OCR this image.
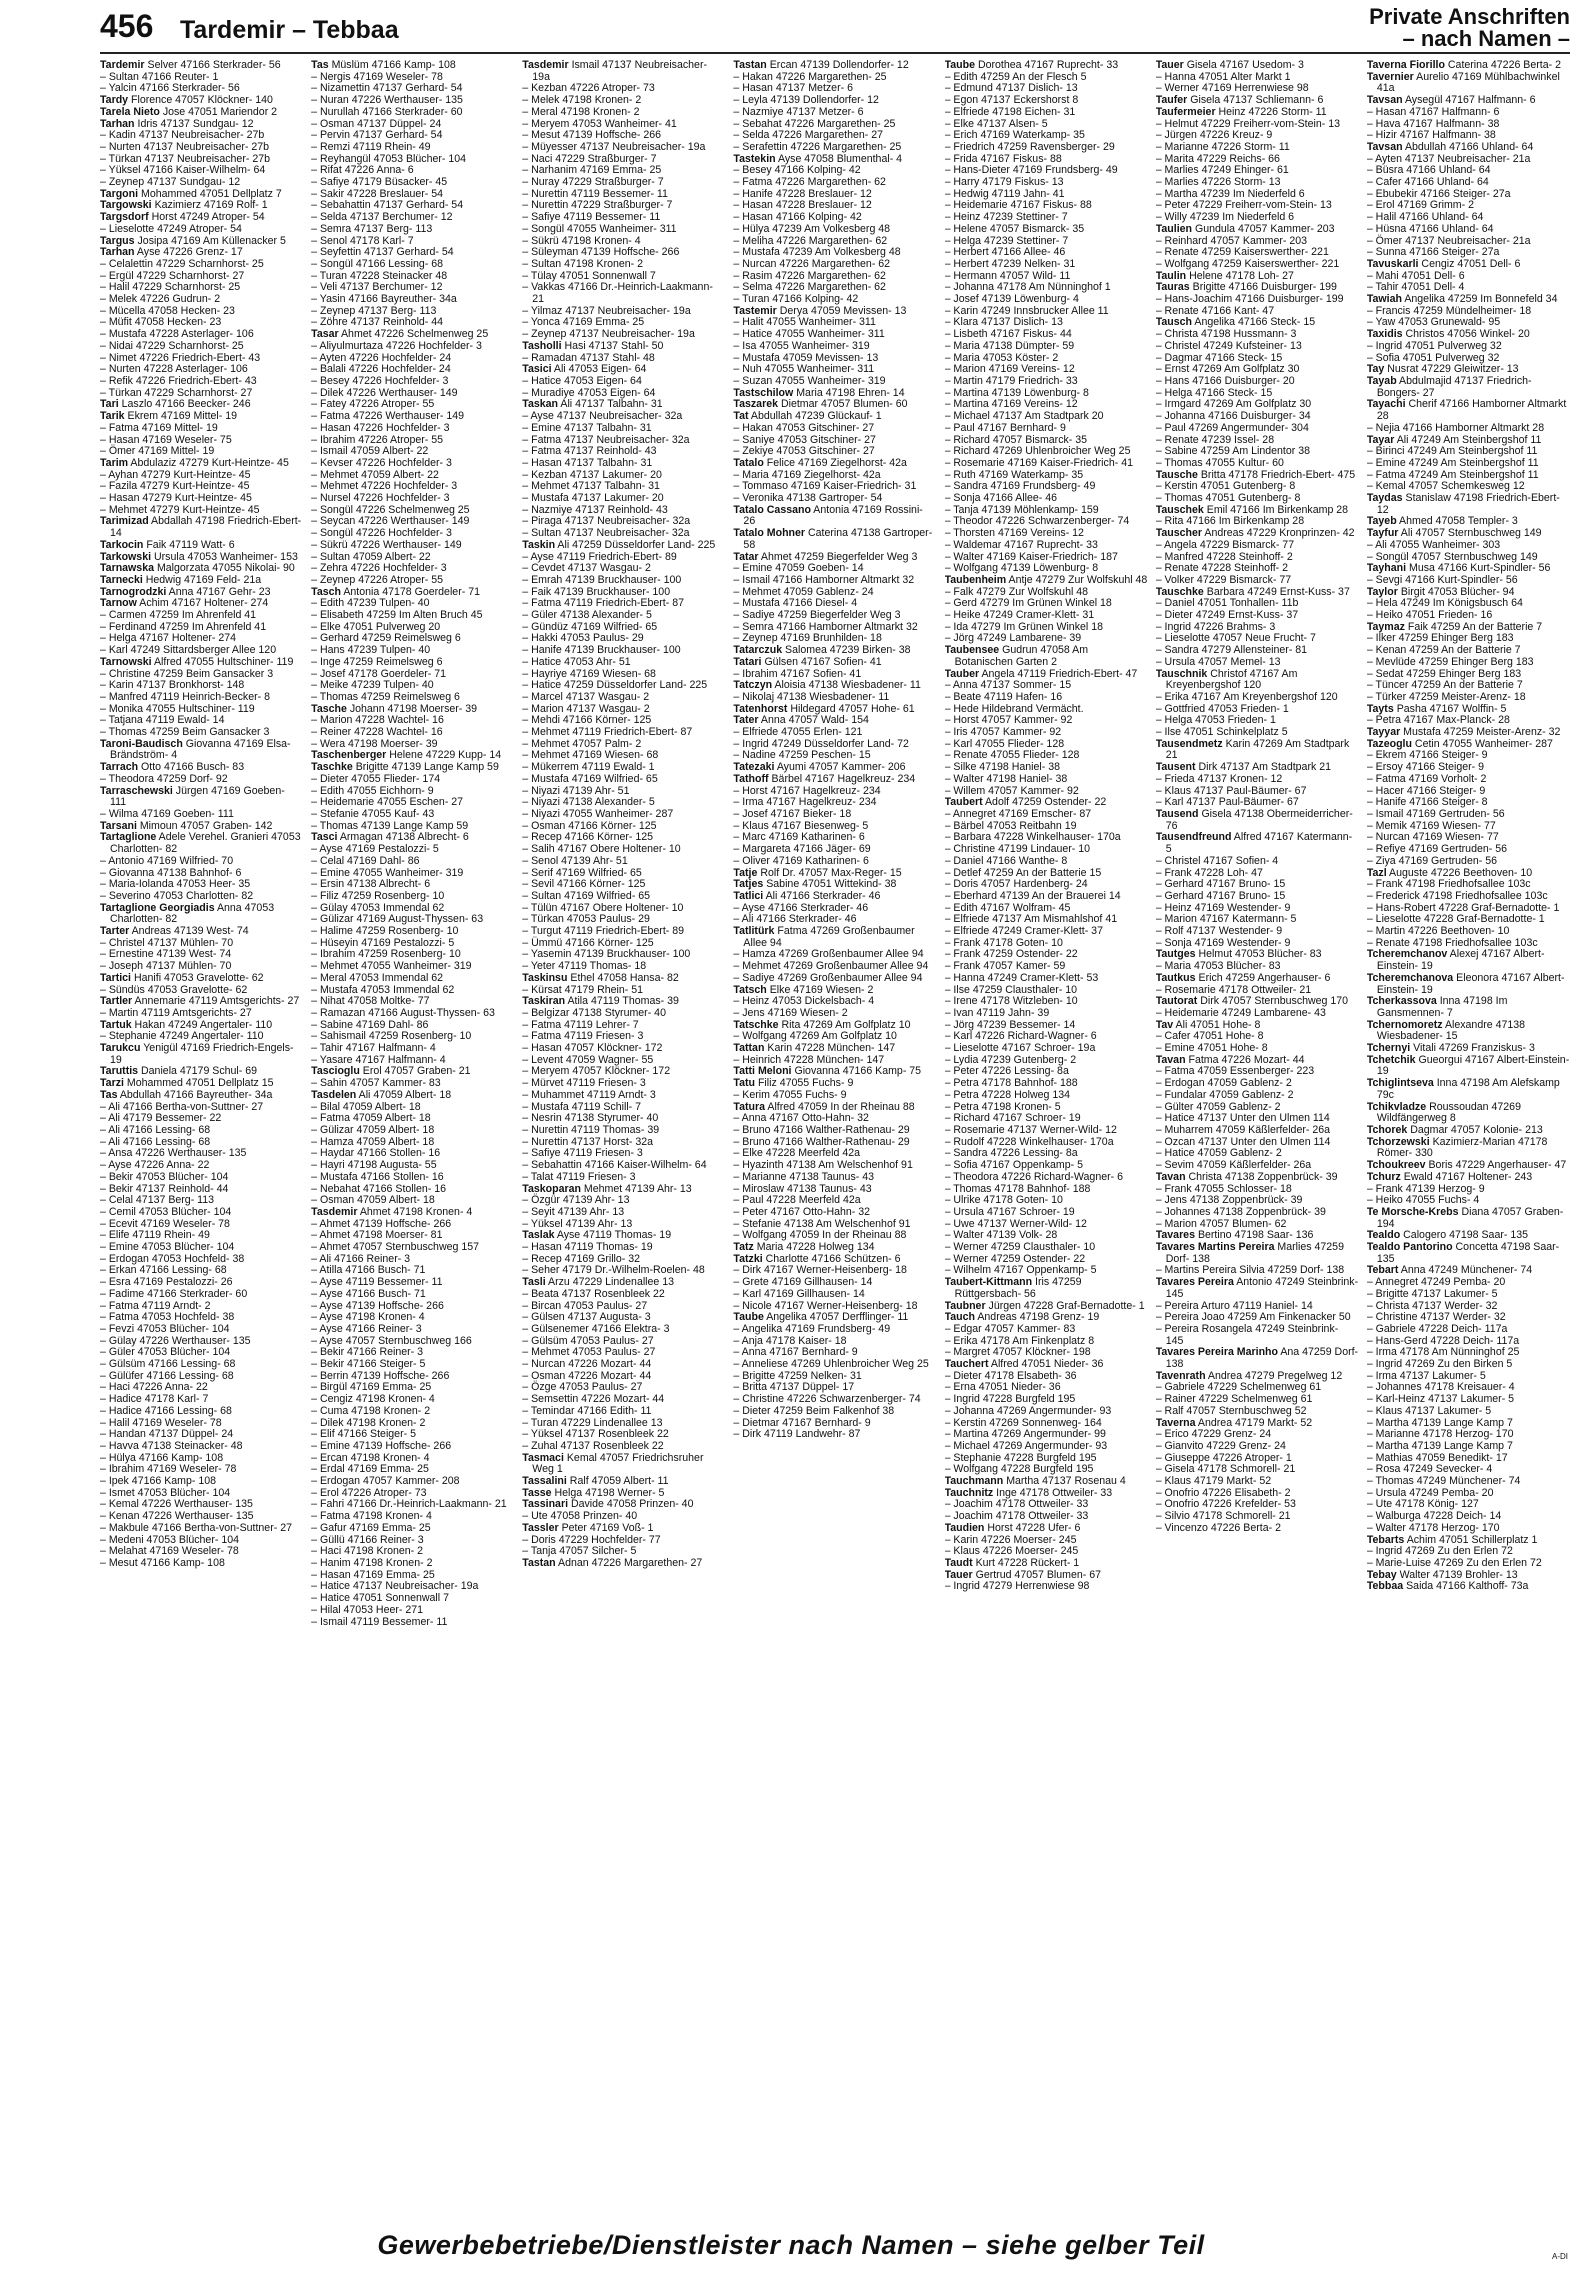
456 Tardemir – Tebbaa	Private Anschriften
– nach Namen –

Tardemir Selver 47166 Sterkrader- 56

– Sultan 47166 Reuter- 1

– Yalcin 47166 Sterkrader- 56

Tardy Florence 47057 Klöckner- 140

Tarela Nieto Jose 47051 Mariendor 2

Tarhan Idris 47137 Sundgau- 12

– Kadin 47137 Neubreisacher- 27b

– Nurten 47137 Neubreisacher- 27b

– Türkan 47137 Neubreisacher- 27b

– Yüksel 47166 Kaiser-Wilhelm- 64

– Zeynep 47137 Sundgau- 12

Targoni Mohammed 47051 Dellplatz 7

Targowski Kazimierz 47169 Rolf- 1

Targsdorf Horst 47249 Atroper- 54

– Lieselotte 47249 Atroper- 54

Targus Josipa 47169 Am Küllenacker 5

Tarhan Ayse 47226 Grenz- 17

– Celalettin 47229 Scharnhorst- 25

– Ergül 47229 Scharnhorst- 27

– Halil 47229 Scharnhorst- 25

– Melek 47226 Gudrun- 2

– Mücella 47058 Hecken- 23

– Müfit 47058 Hecken- 23

– Mustafa 47228 Asterlager- 106

– Nidai 47229 Scharnhorst- 25

– Nimet 47226 Friedrich-Ebert- 43

– Nurten 47228 Asterlager- 106

– Refik 47226 Friedrich-Ebert- 43

– Türkan 47229 Scharnhorst- 27

Tari Laszlo 47166 Beecker- 246

Tarik Ekrem 47169 Mittel- 19

– Fatma 47169 Mittel- 19

– Hasan 47169 Weseler- 75

– Ömer 47169 Mittel- 19

Tarim Abdulaziz 47279 Kurt-Heintze- 45

– Ayhan 47279 Kurt-Heintze- 45

– Fazila 47279 Kurt-Heintze- 45

– Hasan 47279 Kurt-Heintze- 45

– Mehmet 47279 Kurt-Heintze- 45

Tarimizad Abdallah 47198 Friedrich-Ebert- 14

Tarkocin Faik 47119 Watt- 6

Tarkowski Ursula 47053 Wanheimer- 153

Tarnawska Malgorzata 47055 Nikolai- 90

Tarnecki Hedwig 47169 Feld- 21a

Tarnogrodzki Anna 47167 Gehr- 23

Tarnow Achim 47167 Holtener- 274

– Carmen 47259 Im Ahrenfeld 41

– Ferdinand 47259 Im Ahrenfeld 41

– Helga 47167 Holtener- 274

– Karl 47249 Sittardsberger Allee 120

Tarnowski Alfred 47055 Hultschiner- 119

– Christine 47259 Beim Gansacker 3

– Karin 47137 Bronkhorst- 148

– Manfred 47119 Heinrich-Becker- 8

– Monika 47055 Hultschiner- 119

– Tatjana 47119 Ewald- 14

– Thomas 47259 Beim Gansacker 3

Taroni-Baudisch Giovanna 47169 Elsa-Brändström- 4

Tarrach Otto 47166 Busch- 83

– Theodora 47259 Dorf- 92

Tarraschewski Jürgen 47169 Goeben- 111

– Wilma 47169 Goeben- 111

Tarsani Mimoun 47057 Graben- 142

Tartaglione Adele Verehel. Granieri 47053 Charlotten- 82

– Antonio 47169 Wilfried- 70

– Giovanna 47138 Bahnhof- 6

– Maria-Iolanda 47053 Heer- 35

– Severino 47053 Charlotten- 82

Tartaglione Georgiadis Anna 47053 Charlotten- 82

Tarter Andreas 47139 West- 74

– Christel 47137 Mühlen- 70

– Ernestine 47139 West- 74

– Joseph 47137 Mühlen- 70

Tartici Hanifi 47053 Gravelotte- 62

– Sündüs 47053 Gravelotte- 62

Tartler Annemarie 47119 Amtsgerichts- 27

– Martin 47119 Amtsgerichts- 27

Tartuk Hakan 47249 Angertaler- 110

– Stephanie 47249 Angertaler- 110

Tarukcu Yenigül 47169 Friedrich-Engels- 19

Taruttis Daniela 47179 Schul- 69

Tarzi Mohammed 47051 Dellplatz 15

Tas Abdullah 47166 Bayreuther- 34a

– Ali 47166 Bertha-von-Suttner- 27

– Ali 47179 Bessemer- 22

– Ali 47166 Lessing- 68

– Ali 47166 Lessing- 68

– Ansa 47226 Werthauser- 135

– Ayse 47226 Anna- 22

– Bekir 47053 Blücher- 104

– Bekir 47137 Reinhold- 44

– Celal 47137 Berg- 113

– Cemil 47053 Blücher- 104

– Ecevit 47169 Weseler- 78

– Elife 47119 Rhein- 49

– Emine 47053 Blücher- 104

– Erdogan 47053 Hochfeld- 38

– Erkan 47166 Lessing- 68

– Esra 47169 Pestalozzi- 26

– Fadime 47166 Sterkrader- 60

– Fatma 47119 Arndt- 2

– Fatma 47053 Hochfeld- 38

– Fevzi 47053 Blücher- 104

– Gülay 47226 Werthauser- 135

– Güler 47053 Blücher- 104

– Gülsüm 47166 Lessing- 68

– Gülüfer 47166 Lessing- 68

– Haci 47226 Anna- 22

– Hadice 47178 Karl- 7

– Hadice 47166 Lessing- 68

– Halil 47169 Weseler- 78

– Handan 47137 Düppel- 24

– Havva 47138 Steinacker- 48

– Hülya 47166 Kamp- 108

– Ibrahim 47169 Weseler- 78

– Ipek 47166 Kamp- 108

– Ismet 47053 Blücher- 104

– Kemal 47226 Werthauser- 135

– Kenan 47226 Werthauser- 135

– Makbule 47166 Bertha-von-Suttner- 27

– Medeni 47053 Blücher- 104

– Melahat 47169 Weseler- 78

– Mesut 47166 Kamp- 108

Tas Müslüm 47166 Kamp- 108

– Nergis 47169 Weseler- 78

– Nizamettin 47137 Gerhard- 54

– Nuran 47226 Werthauser- 135

– Nurullah 47166 Sterkrader- 60

– Osman 47137 Düppel- 24

– Pervin 47137 Gerhard- 54

– Remzi 47119 Rhein- 49

– Reyhangül 47053 Blücher- 104

– Rifat 47226 Anna- 6

– Safiye 47179 Büsacker- 45

– Sakir 47228 Breslauer- 54

– Sebahattin 47137 Gerhard- 54

– Selda 47137 Berchumer- 12

– Semra 47137 Berg- 113

– Senol 47178 Karl- 7

– Seyfettin 47137 Gerhard- 54

– Songül 47166 Lessing- 68

– Turan 47228 Steinacker 48

– Veli 47137 Berchumer- 12

– Yasin 47166 Bayreuther- 34a

– Zeynep 47137 Berg- 113

– Zöhre 47137 Reinhold- 44

Tasar Ahmet 47226 Schelmenweg 25

– Aliyulmurtaza 47226 Hochfelder- 3

– Ayten 47226 Hochfelder- 24

– Balali 47226 Hochfelder- 24

– Besey 47226 Hochfelder- 3

– Dilek 47226 Werthauser- 149

– Fatey 47226 Atroper- 55

– Fatma 47226 Werthauser- 149

– Hasan 47226 Hochfelder- 3

– Ibrahim 47226 Atroper- 55

– Ismail 47059 Albert- 22

– Kevser 47226 Hochfelder- 3

– Mehmet 47059 Albert- 22

– Mehmet 47226 Hochfelder- 3

– Nursel 47226 Hochfelder- 3

– Songül 47226 Schelmenweg 25

– Seycan 47226 Werthauser- 149

– Songül 47226 Hochfelder- 3

– Sükrü 47226 Werthauser- 149

– Sultan 47059 Albert- 22

– Zehra 47226 Hochfelder- 3

– Zeynep 47226 Atroper- 55

Tasch Antonia 47178 Goerdeler- 71

– Edith 47239 Tulpen- 40

– Elisabeth 47259 Im Alten Bruch 45

– Elke 47051 Pulverweg 20

– Gerhard 47259 Reimelsweg 6

– Hans 47239 Tulpen- 40

– Inge 47259 Reimelsweg 6

– Josef 47178 Goerdeler- 71

– Meike 47239 Tulpen- 40

– Thomas 47259 Reimelsweg 6

Tasche Johann 47198 Moerser- 39

– Marion 47228 Wachtel- 16

– Reiner 47228 Wachtel- 16

– Wera 47198 Moerser- 39

Taschenberger Helene 47229 Kupp- 14

Taschke Brigitte 47139 Lange Kamp 59

– Dieter 47055 Flieder- 174

– Edith 47055 Eichhorn- 9

– Heidemarie 47055 Eschen- 27

– Stefanie 47055 Kauf- 43

– Thomas 47139 Lange Kamp 59

Tasci Armagan 47138 Albrecht- 6

– Ayse 47169 Pestalozzi- 5

– Celal 47169 Dahl- 86

– Emine 47055 Wanheimer- 319

– Ersin 47138 Albrecht- 6

– Filiz 47259 Rosenberg- 10

– Gülay 47053 Immendal 62

– Gülizar 47169 August-Thyssen- 63

– Halime 47259 Rosenberg- 10

– Hüseyin 47169 Pestalozzi- 5

– Ibrahim 47259 Rosenberg- 10

– Mehmet 47055 Wanheimer- 319

– Meral 47053 Immendal 62

– Mustafa 47053 Immendal 62

– Nihat 47058 Moltke- 77

– Ramazan 47166 August-Thyssen- 63

– Sabine 47169 Dahl- 86

– Sahismail 47259 Rosenberg- 10

– Tahir 47167 Halfmann- 4

– Yasare 47167 Halfmann- 4

Tascioglu Erol 47057 Graben- 21

– Sahin 47057 Kammer- 83

Tasdelen Ali 47059 Albert- 18

– Bilal 47059 Albert- 18

– Fatma 47059 Albert- 18

– Gülizar 47059 Albert- 18

– Hamza 47059 Albert- 18

– Haydar 47166 Stollen- 16

– Hayri 47198 Augusta- 55

– Mustafa 47166 Stollen- 16

– Nebahat 47166 Stollen- 16

– Osman 47059 Albert- 18

Tasdemir Ahmet 47198 Kronen- 4

– Ahmet 47139 Hoffsche- 266

– Ahmet 47198 Moerser- 81

– Ahmet 47057 Sternbuschweg 157

– Ali 47166 Reiner- 3

– Atilla 47166 Busch- 71

– Ayse 47119 Bessemer- 11

– Ayse 47166 Busch- 71

– Ayse 47139 Hoffsche- 266

– Ayse 47198 Kronen- 4

– Ayse 47166 Reiner- 3

– Ayse 47057 Sternbuschweg 166

– Bekir 47166 Reiner- 3

– Bekir 47166 Steiger- 5

– Berrin 47139 Hoffsche- 266

– Birgül 47169 Emma- 25

– Cengiz 47198 Kronen- 4

– Cuma 47198 Kronen- 2

– Dilek 47198 Kronen- 2

– Elif 47166 Steiger- 5

– Emine 47139 Hoffsche- 266

– Ercan 47198 Kronen- 4

– Erdal 47169 Emma- 25

– Erdogan 47057 Kammer- 208

– Erol 47226 Atroper- 73

– Fahri 47166 Dr.-Heinrich-Laakmann- 21

– Fatma 47198 Kronen- 4

– Gafur 47169 Emma- 25

– Güllü 47166 Reiner- 3

– Haci 47198 Kronen- 2

– Hanim 47198 Kronen- 2

– Hasan 47169 Emma- 25

– Hatice 47137 Neubreisacher- 19a

– Hatice 47051 Sonnenwall 7

– Hilal 47053 Heer- 271

– Ismail 47119 Bessemer- 11

Tasdemir Ismail 47137 Neubreisacher- 19a

– Kezban 47226 Atroper- 73

– Melek 47198 Kronen- 2

– Meral 47198 Kronen- 2

– Meryem 47053 Wanheimer- 41

– Mesut 47139 Hoffsche- 266

– Müyesser 47137 Neubreisacher- 19a

– Naci 47229 Straßburger- 7

– Narhanim 47169 Emma- 25

– Nuray 47229 Straßburger- 7

– Nurettin 47119 Bessemer- 11

– Nurettin 47229 Straßburger- 7

– Safiye 47119 Bessemer- 11

– Songül 47055 Wanheimer- 311

– Sükrü 47198 Kronen- 4

– Süleyman 47139 Hoffsche- 266

– Sultan 47198 Kronen- 2

– Tülay 47051 Sonnenwall 7

– Vakkas 47166 Dr.-Heinrich-Laakmann- 21

– Yilmaz 47137 Neubreisacher- 19a

– Yonca 47169 Emma- 25

– Zeynep 47137 Neubreisacher- 19a

Tasholli Hasi 47137 Stahl- 50

– Ramadan 47137 Stahl- 48

Tasici Ali 47053 Eigen- 64

– Hatice 47053 Eigen- 64

– Muradiye 47053 Eigen- 64

Taskan Ali 47137 Talbahn- 31

– Ayse 47137 Neubreisacher- 32a

– Emine 47137 Talbahn- 31

– Fatma 47137 Neubreisacher- 32a

– Fatma 47137 Reinhold- 43

– Hasan 47137 Talbahn- 31

– Kezban 47137 Lakumer- 20

– Mehmet 47137 Talbahn- 31

– Mustafa 47137 Lakumer- 20

– Nazmiye 47137 Reinhold- 43

– Piraga 47137 Neubreisacher- 32a

– Sultan 47137 Neubreisacher- 32a

Taskin Ali 47259 Düsseldorfer Land- 225

– Ayse 47119 Friedrich-Ebert- 89

– Cevdet 47137 Wasgau- 2

– Emrah 47139 Bruckhauser- 100

– Faik 47139 Bruckhauser- 100

– Fatma 47119 Friedrich-Ebert- 87

– Güler 47138 Alexander- 5

– Gündüz 47169 Wilfried- 65

– Hakki 47053 Paulus- 29

– Hanife 47139 Bruckhauser- 100

– Hatice 47053 Ahr- 51

– Hayriye 47169 Wiesen- 68

– Hatice 47259 Düsseldorfer Land- 225

– Marcel 47137 Wasgau- 2

– Marion 47137 Wasgau- 2

– Mehdi 47166 Körner- 125

– Mehmet 47119 Friedrich-Ebert- 87

– Mehmet 47057 Palm- 2

– Mehmet 47169 Wiesen- 68

– Mükerrem 47119 Ewald- 1

– Mustafa 47169 Wilfried- 65

– Niyazi 47139 Ahr- 51

– Niyazi 47138 Alexander- 5

– Niyazi 47055 Wanheimer- 287

– Osman 47166 Körner- 125

– Recep 47166 Körner- 125

– Salih 47167 Obere Holtener- 10

– Senol 47139 Ahr- 51

– Serif 47169 Wilfried- 65

– Sevil 47166 Körner- 125

– Sultan 47169 Wilfried- 65

– Tülün 47167 Obere Holtener- 10

– Türkan 47053 Paulus- 29

– Turgut 47119 Friedrich-Ebert- 89

– Ümmü 47166 Körner- 125

– Yasemin 47139 Bruckhauser- 100

– Yeter 47119 Thomas- 18

Taskinsu Ethel 47058 Hansa- 82

– Kürsat 47179 Rhein- 51

Taskiran Atila 47119 Thomas- 39

– Belgizar 47138 Styrumer- 40

– Fatma 47119 Lehrer- 7

– Fatma 47119 Friesen- 3

– Hasan 47057 Klöckner- 172

– Levent 47059 Wagner- 55

– Meryem 47057 Klöckner- 172

– Mürvet 47119 Friesen- 3

– Muhammet 47119 Arndt- 3

– Mustafa 47119 Schill- 7

– Nesrin 47138 Styrumer- 40

– Nurettin 47119 Thomas- 39

– Nurettin 47137 Horst- 32a

– Safiye 47119 Friesen- 3

– Sebahattin 47166 Kaiser-Wilhelm- 64

– Talat 47119 Friesen- 3

Taskoparan Mehmet 47139 Ahr- 13

– Özgür 47139 Ahr- 13

– Seyit 47139 Ahr- 13

– Yüksel 47139 Ahr- 13

Taslak Ayse 47119 Thomas- 19

– Hasan 47119 Thomas- 19

– Recep 47169 Grillo- 32

– Seher 47179 Dr.-Wilhelm-Roelen- 48

Tasli Arzu 47229 Lindenallee 13

– Beata 47137 Rosenbleek 22

– Bircan 47053 Paulus- 27

– Gülsen 47137 Augusta- 3

– Gülsenemer 47166 Elektra- 3

– Gülsüm 47053 Paulus- 27

– Mehmet 47053 Paulus- 27

– Nurcan 47226 Mozart- 44

– Osman 47226 Mozart- 44

– Özge 47053 Paulus- 27

– Semsettin 47226 Mozart- 44

– Temindar 47166 Edith- 11

– Turan 47229 Lindenallee 13

– Yüksel 47137 Rosenbleek 22

– Zuhal 47137 Rosenbleek 22

Tasmaci Kemal 47057 Friedrichsruher Weg 1

Tassalini Ralf 47059 Albert- 11

Tasse Helga 47198 Werner- 5

Tassinari Davide 47058 Prinzen- 40

– Ute 47058 Prinzen- 40

Tassler Peter 47169 Voß- 1

– Doris 47229 Hochfelder- 77

– Tanja 47057 Silcher- 5

Tastan Adnan 47226 Margarethen- 27

Tastan Ercan 47139 Dollendorfer- 12

– Hakan 47226 Margarethen- 25

– Hasan 47137 Metzer- 6

– Leyla 47139 Dollendorfer- 12

– Nazmiye 47137 Metzer- 6

– Sebahat 47226 Margarethen- 25

– Selda 47226 Margarethen- 27

– Serafettin 47226 Margarethen- 25

Tastekin Ayse 47058 Blumenthal- 4

– Besey 47166 Kolping- 42

– Fatma 47226 Margarethen- 62

– Hanife 47228 Breslauer- 12

– Hasan 47228 Breslauer- 12

– Hasan 47166 Kolping- 42

– Hülya 47239 Am Volkesberg 48

– Meliha 47226 Margarethen- 62

– Mustafa 47239 Am Volkesberg 48

– Nurcan 47226 Margarethen- 62

– Rasim 47226 Margarethen- 62

– Selma 47226 Margarethen- 62

– Turan 47166 Kolping- 42

Tastemir Derya 47059 Mevissen- 13

– Halit 47055 Wanheimer- 311

– Hatice 47055 Wanheimer- 311

– Isa 47055 Wanheimer- 319

– Mustafa 47059 Mevissen- 13

– Nuh 47055 Wanheimer- 311

– Suzan 47055 Wanheimer- 319

Tastschilow Maria 47198 Ehren- 14

Taszarek Dietmar 47057 Blumen- 60

Tat Abdullah 47239 Glückauf- 1

– Hakan 47053 Gitschiner- 27

– Saniye 47053 Gitschiner- 27

– Zekiye 47053 Gitschiner- 27

Tatalo Felice 47169 Ziegelhorst- 42a

– Maria 47169 Ziegelhorst- 42a

– Tommaso 47169 Kaiser-Friedrich- 31

– Veronika 47138 Gartroper- 54

Tatalo Cassano Antonia 47169 Rossini- 26

Tatalo Mohner Caterina 47138 Gartroper- 58

Tatar Ahmet 47259 Biegerfelder Weg 3

– Emine 47059 Goeben- 14

– Ismail 47166 Hamborner Altmarkt 32

– Mehmet 47059 Gablenz- 24

– Mustafa 47166 Diesel- 4

– Sadiye 47259 Biegerfelder Weg 3

– Semra 47166 Hamborner Altmarkt 32

– Zeynep 47169 Brunhilden- 18

Tatarczuk Salomea 47239 Birken- 38

Tatari Gülsen 47167 Sofien- 41

– Ibrahim 47167 Sofien- 41

Tatczyn Aloisia 47138 Wiesbadener- 11

– Nikolaj 47138 Wiesbadener- 11

Tatenhorst Hildegard 47057 Hohe- 61

Tater Anna 47057 Wald- 154

– Elfriede 47055 Erlen- 121

– Ingrid 47249 Düsseldorfer Land- 72

– Nadine 47259 Peschen- 15

Tatezaki Ayumi 47057 Kammer- 206

Tathoff Bärbel 47167 Hagelkreuz- 234

– Horst 47167 Hagelkreuz- 234

– Irma 47167 Hagelkreuz- 234

– Josef 47167 Bieker- 18

– Klaus 47167 Biesenweg- 5

– Marc 47169 Katharinen- 6

– Margareta 47166 Jäger- 69

– Oliver 47169 Katharinen- 6

Tatje Rolf Dr. 47057 Max-Reger- 15

Tatjes Sabine 47051 Wittekind- 38

Tatlici Ali 47166 Sterkrader- 46

– Ayse 47166 Sterkrader- 46

– Ali 47166 Sterkrader- 46

Tatlitürk Fatma 47269 Großenbaumer Allee 94

– Hamza 47269 Großenbaumer Allee 94

– Mehmet 47269 Großenbaumer Allee 94

– Sadiye 47269 Großenbaumer Allee 94

Tatsch Elke 47169 Wiesen- 2

– Heinz 47053 Dickelsbach- 4

– Jens 47169 Wiesen- 2

Tatschke Rita 47269 Am Golfplatz 10

– Wolfgang 47269 Am Golfplatz 10

Tattan Karin 47228 München- 147

– Heinrich 47228 München- 147

Tatti Meloni Giovanna 47166 Kamp- 75

Tatu Filiz 47055 Fuchs- 9

– Kerim 47055 Fuchs- 9

Tatura Alfred 47059 In der Rheinau 88

– Anna 47167 Otto-Hahn- 32

– Bruno 47166 Walther-Rathenau- 29

– Bruno 47166 Walther-Rathenau- 29

– Elke 47228 Meerfeld 42a

– Hyazinth 47138 Am Welschenhof 91

– Marianne 47138 Taunus- 43

– Miroslaw 47138 Taunus- 43

– Paul 47228 Meerfeld 42a

– Peter 47167 Otto-Hahn- 32

– Stefanie 47138 Am Welschenhof 91

– Wolfgang 47059 In der Rheinau 88

Tatz Maria 47228 Holweg 134

Tatzki Charlotte 47166 Schützen- 6

– Dirk 47167 Werner-Heisenberg- 18

– Grete 47169 Gillhausen- 14

– Karl 47169 Gillhausen- 14

– Nicole 47167 Werner-Heisenberg- 18

Taube Angelika 47057 Derfflinger- 11

– Angelika 47169 Frundsberg- 49

– Anja 47178 Kaiser- 18

– Anna 47167 Bernhard- 9

– Anneliese 47269 Uhlenbroicher Weg 25

– Brigitte 47259 Nelken- 31

– Britta 47137 Düppel- 17

– Christine 47226 Schwarzenberger- 74

– Dieter 47259 Beim Falkenhof 38

– Dietmar 47167 Bernhard- 9

– Dirk 47119 Landwehr- 87

Taube Dorothea 47167 Ruprecht- 33

– Edith 47259 An der Flesch 5

– Edmund 47137 Dislich- 13

– Egon 47137 Eckershorst 8

– Elfriede 47198 Eichen- 31

– Elke 47137 Alsen- 5

– Erich 47169 Waterkamp- 35

– Friedrich 47259 Ravensberger- 29

– Frida 47167 Fiskus- 88

– Hans-Dieter 47169 Frundsberg- 49

– Harry 47179 Fiskus- 13

– Hedwig 47119 Jahn- 41

– Heidemarie 47167 Fiskus- 88

– Heinz 47239 Stettiner- 7

– Helene 47057 Bismarck- 35

– Helga 47239 Stettiner- 7

– Herbert 47166 Allee- 46

– Herbert 47239 Nelken- 31

– Hermann 47057 Wild- 11

– Johanna 47178 Am Nünninghof 1

– Josef 47139 Löwenburg- 4

– Karin 47249 Innsbrucker Allee 11

– Klara 47137 Dislich- 13

– Lisbeth 47167 Fiskus- 44

– Maria 47138 Dümpter- 59

– Maria 47053 Köster- 2

– Marion 47169 Vereins- 12

– Martin 47179 Friedrich- 33

– Martina 47139 Löwenburg- 8

– Martina 47169 Vereins- 12

– Michael 47137 Am Stadtpark 20

– Paul 47167 Bernhard- 9

– Richard 47057 Bismarck- 35

– Richard 47269 Uhlenbroicher Weg 25

– Rosemarie 47169 Kaiser-Friedrich- 41

– Ruth 47169 Waterkamp- 35

– Sandra 47169 Frundsberg- 49

– Sonja 47166 Allee- 46

– Tanja 47139 Möhlenkamp- 159

– Theodor 47226 Schwarzenberger- 74

– Thorsten 47169 Vereins- 12

– Waldemar 47167 Ruprecht- 33

– Walter 47169 Kaiser-Friedrich- 187

– Wolfgang 47139 Löwenburg- 8

Taubenheim Antje 47279 Zur Wolfskuhl 48

– Falk 47279 Zur Wolfskuhl 48

– Gerd 47279 Im Grünen Winkel 18

– Heike 47249 Cramer-Klett- 31

– Ida 47279 Im Grünen Winkel 18

– Jörg 47249 Lambarene- 39

Taubensee Gudrun 47058 Am Botanischen Garten 2

Tauber Angela 47119 Friedrich-Ebert- 47

– Anna 47137 Sommer- 15

– Beate 47119 Hafen- 16

– Hede Hildebrand Vermächt.

– Horst 47057 Kammer- 92

– Iris 47057 Kammer- 92

– Karl 47055 Flieder- 128

– Renate 47055 Flieder- 128

– Silke 47198 Haniel- 38

– Walter 47198 Haniel- 38

– Willem 47057 Kammer- 92

Taubert Adolf 47259 Ostender- 22

– Annegret 47169 Emscher- 87

– Bärbel 47053 Reitbahn 19

– Barbara 47228 Winkelhauser- 170a

– Christine 47199 Lindauer- 10

– Daniel 47166 Wanthe- 8

– Detlef 47259 An der Batterie 15

– Doris 47057 Hardenberg- 24

– Eberhard 47139 An der Brauerei 14

– Edith 47167 Wolfram- 45

– Elfriede 47137 Am Mismahlshof 41

– Elfriede 47249 Cramer-Klett- 37

– Frank 47178 Goten- 10

– Frank 47259 Ostender- 22

– Frank 47057 Kamer- 59

– Hanna 47249 Cramer-Klett- 53

– Ilse 47259 Clausthaler- 10

– Irene 47178 Witzleben- 10

– Ivan 47119 Jahn- 39

– Jörg 47239 Bessemer- 14

– Karl 47226 Richard-Wagner- 6

– Lieselotte 47167 Schroer- 19a

– Lydia 47239 Gutenberg- 2

– Peter 47226 Lessing- 8a

– Petra 47178 Bahnhof- 188

– Petra 47228 Holweg 134

– Petra 47198 Kronen- 5

– Richard 47167 Schroer- 19

– Rosemarie 47137 Werner-Wild- 12

– Rudolf 47228 Winkelhauser- 170a

– Sandra 47226 Lessing- 8a

– Sofia 47167 Oppenkamp- 5

– Theodora 47226 Richard-Wagner- 6

– Thomas 47178 Bahnhof- 188

– Ulrike 47178 Goten- 10

– Ursula 47167 Schroer- 19

– Uwe 47137 Werner-Wild- 12

– Walter 47139 Volk- 28

– Werner 47259 Clausthaler- 10

– Werner 47259 Ostender- 22

– Wilhelm 47167 Oppenkamp- 5

Taubert-Kittmann Iris 47259 Rüttgersbach- 56

Taubner Jürgen 47228 Graf-Bernadotte- 1

Tauch Andreas 47198 Grenz- 19

– Edgar 47057 Kammer- 83

– Erika 47178 Am Finkenplatz 8

– Margret 47057 Klöckner- 198

Tauchert Alfred 47051 Nieder- 36

– Dieter 47178 Elsabeth- 36

– Erna 47051 Nieder- 36

– Ingrid 47228 Burgfeld 195

– Johanna 47269 Angermunder- 93

– Kerstin 47269 Sonnenweg- 164

– Martina 47269 Angermunder- 99

– Michael 47269 Angermunder- 93

– Stephanie 47228 Burgfeld 195

– Wolfgang 47228 Burgfeld 195

Tauchmann Martha 47137 Rosenau 4

Tauchnitz Inge 47178 Ottweiler- 33

– Joachim 47178 Ottweiler- 33

– Joachim 47178 Ottweiler- 33

Taudien Horst 47228 Ufer- 6

– Karin 47226 Moerser- 245

– Klaus 47226 Moerser- 245

Taudt Kurt 47228 Rückert- 1

Tauer Gertrud 47057 Blumen- 67

– Ingrid 47279 Herrenwiese 98

Tauer Gisela 47167 Usedom- 3

– Hanna 47051 Alter Markt 1

– Werner 47169 Herrenwiese 98

Taufer Gisela 47137 Schliemann- 6

Taufermeier Heinz 47226 Storm- 11

– Helmut 47229 Freiherr-vom-Stein- 13

– Jürgen 47226 Kreuz- 9

– Marianne 47226 Storm- 11

– Marita 47229 Reichs- 66

– Marlies 47249 Ehinger- 61

– Marlies 47226 Storm- 13

– Martha 47239 Im Niederfeld 6

– Peter 47229 Freiherr-vom-Stein- 13

– Willy 47239 Im Niederfeld 6

Taulien Gundula 47057 Kammer- 203

– Reinhard 47057 Kammer- 203

– Renate 47259 Kaiserswerther- 221

– Wolfgang 47259 Kaiserswerther- 221

Taulin Helene 47178 Loh- 27

Tauras Brigitte 47166 Duisburger- 199

– Hans-Joachim 47166 Duisburger- 199

– Renate 47166 Kant- 47

Tausch Angelika 47166 Steck- 15

– Christa 47198 Hussmann- 3

– Christel 47249 Kufsteiner- 13

– Dagmar 47166 Steck- 15

– Ernst 47269 Am Golfplatz 30

– Hans 47166 Duisburger- 20

– Helga 47166 Steck- 15

– Irmgard 47269 Am Golfplatz 30

– Johanna 47166 Duisburger- 34

– Paul 47269 Angermunder- 304

– Renate 47239 Issel- 28

– Sabine 47259 Am Lindentor 38

– Thomas 47055 Kultur- 60

Tausche Britta 47178 Friedrich-Ebert- 475

– Kerstin 47051 Gutenberg- 8

– Thomas 47051 Gutenberg- 8

Tauschek Emil 47166 Im Birkenkamp 28

– Rita 47166 Im Birkenkamp 28

Tauscher Andreas 47229 Kronprinzen- 42

– Angela 47229 Bismarck- 77

– Manfred 47228 Steinhoff- 2

– Renate 47228 Steinhoff- 2

– Volker 47229 Bismarck- 77

Tauschke Barbara 47249 Ernst-Kuss- 37

– Daniel 47051 Tonhallen- 11b

– Dieter 47249 Ernst-Kuss- 37

– Ingrid 47226 Brahms- 3

– Lieselotte 47057 Neue Frucht- 7

– Sandra 47279 Allensteiner- 81

– Ursula 47057 Memel- 13

Tauschnik Christof 47167 Am Kreyenbergshof 120

– Erika 47167 Am Kreyenbergshof 120

– Gottfried 47053 Frieden- 1

– Helga 47053 Frieden- 1

– Ilse 47051 Schinkelplatz 5

Tausendmetz Karin 47269 Am Stadtpark 21

Tausent Dirk 47137 Am Stadtpark 21

– Frieda 47137 Kronen- 12

– Klaus 47137 Paul-Bäumer- 67

– Karl 47137 Paul-Bäumer- 67

Tausend Gisela 47138 Obermeiderricher- 76

Tausendfreund Alfred 47167 Katermann- 5

– Christel 47167 Sofien- 4

– Frank 47228 Loh- 47

– Gerhard 47167 Bruno- 15

– Gerhard 47167 Bruno- 15

– Heinz 47169 Westender- 9

– Marion 47167 Katermann- 5

– Rolf 47137 Westender- 9

– Sonja 47169 Westender- 9

Tautges Helmut 47053 Blücher- 83

– Maria 47053 Blücher- 83

Tautkus Erich 47259 Angerhauser- 6

– Rosemarie 47178 Ottweiler- 21

Tautorat Dirk 47057 Sternbuschweg 170

– Heidemarie 47249 Lambarene- 43

Tav Ali 47051 Hohe- 8

– Cafer 47051 Hohe- 8

– Emine 47051 Hohe- 8

Tavan Fatma 47226 Mozart- 44

– Fatma 47059 Essenberger- 223

– Erdogan 47059 Gablenz- 2

– Fundalar 47059 Gablenz- 2

– Gülter 47059 Gablenz- 2

– Hatice 47137 Unter den Ulmen 114

– Muharrem 47059 Käßlerfelder- 26a

– Ozcan 47137 Unter den Ulmen 114

– Hatice 47059 Gablenz- 2

– Sevim 47059 Käßlerfelder- 26a

Tavan Christa 47138 Zoppenbrück- 39

– Frank 47055 Schlosser- 18

– Jens 47138 Zoppenbrück- 39

– Johannes 47138 Zoppenbrück- 39

– Marion 47057 Blumen- 62

Tavares Bertino 47198 Saar- 136

Tavares Martins Pereira Marlies 47259 Dorf- 138

– Martins Pereira Silvia 47259 Dorf- 138

Tavares Pereira Antonio 47249 Steinbrink- 145

– Pereira Arturo 47119 Haniel- 14

– Pereira Joao 47259 Am Finkenacker 50

– Pereira Rosangela 47249 Steinbrink- 145

Tavares Pereira Marinho Ana 47259 Dorf- 138

Tavenrath Andrea 47279 Pregelweg 12

– Gabriele 47229 Schelmenweg 61

– Rainer 47229 Schelmenweg 61

– Ralf 47057 Sternbuschweg 52

Taverna Andrea 47179 Markt- 52

– Erico 47229 Grenz- 24

– Gianvito 47229 Grenz- 24

– Giuseppe 47226 Atroper- 1

– Gisela 47178 Schmorell- 21

– Klaus 47179 Markt- 52

– Onofrio 47226 Elisabeth- 2

– Onofrio 47226 Krefelder- 53

– Silvio 47178 Schmorell- 21

– Vincenzo 47226 Berta- 2

Taverna Fiorillo Caterina 47226 Berta- 2

Tavernier Aurelio 47169 Mühlbachwinkel 41a

Tavsan Aysegül 47167 Halfmann- 6

– Hasan 47167 Halfmann- 6

– Hava 47167 Halfmann- 38

– Hizir 47167 Halfmann- 38

Tavsan Abdullah 47166 Uhland- 64

– Ayten 47137 Neubreisacher- 21a

– Büsra 47166 Uhland- 64

– Cafer 47166 Uhland- 64

– Ebubekir 47166 Steiger- 27a

– Erol 47169 Grimm- 2

– Halil 47166 Uhland- 64

– Hüsna 47166 Uhland- 64

– Ömer 47137 Neubreisacher- 21a

– Sunna 47166 Steiger- 27a

Tavuskarli Cengiz 47051 Dell- 6

– Mahi 47051 Dell- 6

– Tahir 47051 Dell- 4

Tawiah Angelika 47259 Im Bonnefeld 34

– Francis 47259 Mündelheimer- 18

– Yaw 47053 Grunewald- 95

Taxidis Christos 47056 Winkel- 20

– Ingrid 47051 Pulverweg 32

– Sofia 47051 Pulverweg 32

Tay Nusrat 47229 Gleiwitzer- 13

Tayab Abdulmajid 47137 Friedrich-Bongers- 27

Tayachi Cherif 47166 Hamborner Altmarkt 28

– Nejia 47166 Hamborner Altmarkt 28

Tayar Ali 47249 Am Steinbergshof 11

– Birinci 47249 Am Steinbergshof 11

– Emine 47249 Am Steinbergshof 11

– Fatma 47249 Am Steinbergshof 11

– Kemal 47057 Schemkesweg 12

Taydas Stanislaw 47198 Friedrich-Ebert- 12

Tayeb Ahmed 47058 Templer- 3

Tayfur Ali 47057 Sternbuschweg 149

– Ali 47055 Wanheimer- 303

– Songül 47057 Sternbuschweg 149

Tayhani Musa 47166 Kurt-Spindler- 56

– Sevgi 47166 Kurt-Spindler- 56

Taylor Birgit 47053 Blücher- 94

– Hela 47249 Im Königsbusch 64

– Heiko 47051 Frieden- 16

Taymaz Faik 47259 An der Batterie 7

– Ilker 47259 Ehinger Berg 183

– Kenan 47259 An der Batterie 7

– Mevlüde 47259 Ehinger Berg 183

– Sedat 47259 Ehinger Berg 183

– Tüncer 47259 An der Batterie 7

– Türker 47259 Meister-Arenz- 18

Tayts Pasha 47167 Wolffin- 5

– Petra 47167 Max-Planck- 28

Tayyar Mustafa 47259 Meister-Arenz- 32

Tazeoglu Cetin 47055 Wanheimer- 287

– Ekrem 47166 Steiger- 9

– Ersoy 47166 Steiger- 9

– Fatma 47169 Vorholt- 2

– Hacer 47166 Steiger- 9

– Hanife 47166 Steiger- 8

– Ismail 47169 Gertruden- 56

– Memik 47169 Wiesen- 77

– Nurcan 47169 Wiesen- 77

– Refiye 47169 Gertruden- 56

– Ziya 47169 Gertruden- 56

Tazl Auguste 47226 Beethoven- 10

– Frank 47198 Friedhofsallee 103c

– Frederick 47198 Friedhofsallee 103c

– Hans-Robert 47228 Graf-Bernadotte- 1

– Lieselotte 47228 Graf-Bernadotte- 1

– Martin 47226 Beethoven- 10

– Renate 47198 Friedhofsallee 103c

Tcheremchanov Alexej 47167 Albert-Einstein- 19

Tcheremchanova Eleonora 47167 Albert-Einstein- 19

Tcherkassova Inna 47198 Im Gansmennen- 7

Tchernomoretz Alexandre 47138 Wiesbadener- 15

Tchernyi Vitali 47269 Franziskus- 3

Tchetchik Gueorgui 47167 Albert-Einstein- 19

Tchiglintseva Inna 47198 Am Alefskamp 79c

Tchikvladze Roussoudan 47269 Wildfängerweg 8

Tchorek Dagmar 47057 Kolonie- 213

Tchorzewski Kazimierz-Marian 47178 Römer- 330

Tchoukreev Boris 47229 Angerhauser- 47

Tchurz Ewald 47167 Holtener- 243

– Frank 47139 Herzog- 9

– Heiko 47055 Fuchs- 4

Te Morsche-Krebs Diana 47057 Graben- 194

Tealdo Calogero 47198 Saar- 135

Tealdo Pantorino Concetta 47198 Saar- 135

Tebart Anna 47249 Münchener- 74

– Annegret 47249 Pemba- 20

– Brigitte 47137 Lakumer- 5

– Christa 47137 Werder- 32

– Christine 47137 Werder- 32

– Gabriele 47228 Deich- 117a

– Hans-Gerd 47228 Deich- 117a

– Irma 47178 Am Nünninghof 25

– Ingrid 47269 Zu den Birken 5

– Irma 47137 Lakumer- 5

– Johannes 47178 Kreisauer- 4

– Karl-Heinz 47137 Lakumer- 5

– Klaus 47137 Lakumer- 5

– Martha 47139 Lange Kamp 7

– Marianne 47178 Herzog- 170

– Martha 47139 Lange Kamp 7

– Mathias 47059 Benedikt- 17

– Rosa 47249 Sevecker- 4

– Thomas 47249 Münchener- 74

– Ursula 47249 Pemba- 20

– Ute 47178 König- 127

– Walburga 47228 Deich- 14

– Walter 47178 Herzog- 170

Tebarts Achim 47051 Schillerplatz 1

– Ingrid 47269 Zu den Erlen 72

– Marie-Luise 47269 Zu den Erlen 72

Tebay Walter 47139 Brohler- 13

Tebbaa Saida 47166 Kalthoff- 73a

Gewerbebetriebe/Dienstleister nach Namen – siehe gelber Teil	A-DI
